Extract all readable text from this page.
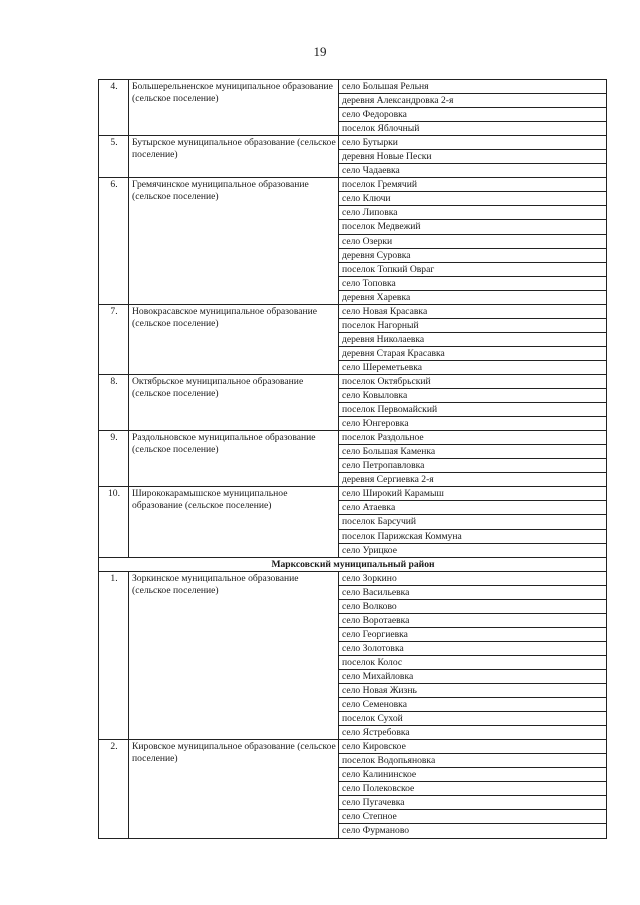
19
4.	Большерельненское муниципальное образование (сельское поселение)	село Большая Рельня
		деревня Александровка 2-я
		село Федоровка
		поселок Яблочный
5.	Бутырское муниципальное образование (сельское поселение)	село Бутырки
		деревня Новые Пески
		село Чадаевка
6.	Гремячинское муниципальное образование (сельское поселение)	поселок Гремячий
		село Ключи
		село Липовка
		поселок Медвежий
		село Озерки
		деревня Суровка
		поселок Топкий Овраг
		село Топовка
		деревня Харевка
7.	Новокрасавское муниципальное образование (сельское поселение)	село Новая Красавка
		поселок Нагорный
		деревня Николаевка
		деревня Старая Красавка
		село Шереметьевка
8.	Октябрьское муниципальное образование (сельское поселение)	поселок Октябрьский
		село Ковыловка
		поселок Первомайский
		село Юнгеровка
9.	Раздольновское муниципальное образование (сельское поселение)	поселок Раздольное
		село Большая Каменка
		село Петропавловка
		деревня Сергиевка 2-я
10.	Ширококарамышское муниципальное образование (сельское поселение)	село Широкий Карамыш
		село Атаевка
		поселок Барсучий
		поселок Парижская Коммуна
		село Урицкое
Марксовский муниципальный район		
1.	Зоркинское муниципальное образование (сельское поселение)	село Зоркино
		село Васильевка
		село Волково
		село Воротаевка
		село Георгиевка
		село Золотовка
		поселок Колос
		село Михайловка
		село Новая Жизнь
		село Семеновка
		поселок Сухой
		село Ястребовка
2.	Кировское муниципальное образование (сельское поселение)	село Кировское
		поселок Водопьяновка
		село Калининское
		село Полековское
		село Пугачевка
		село Степное
		село Фурманово
